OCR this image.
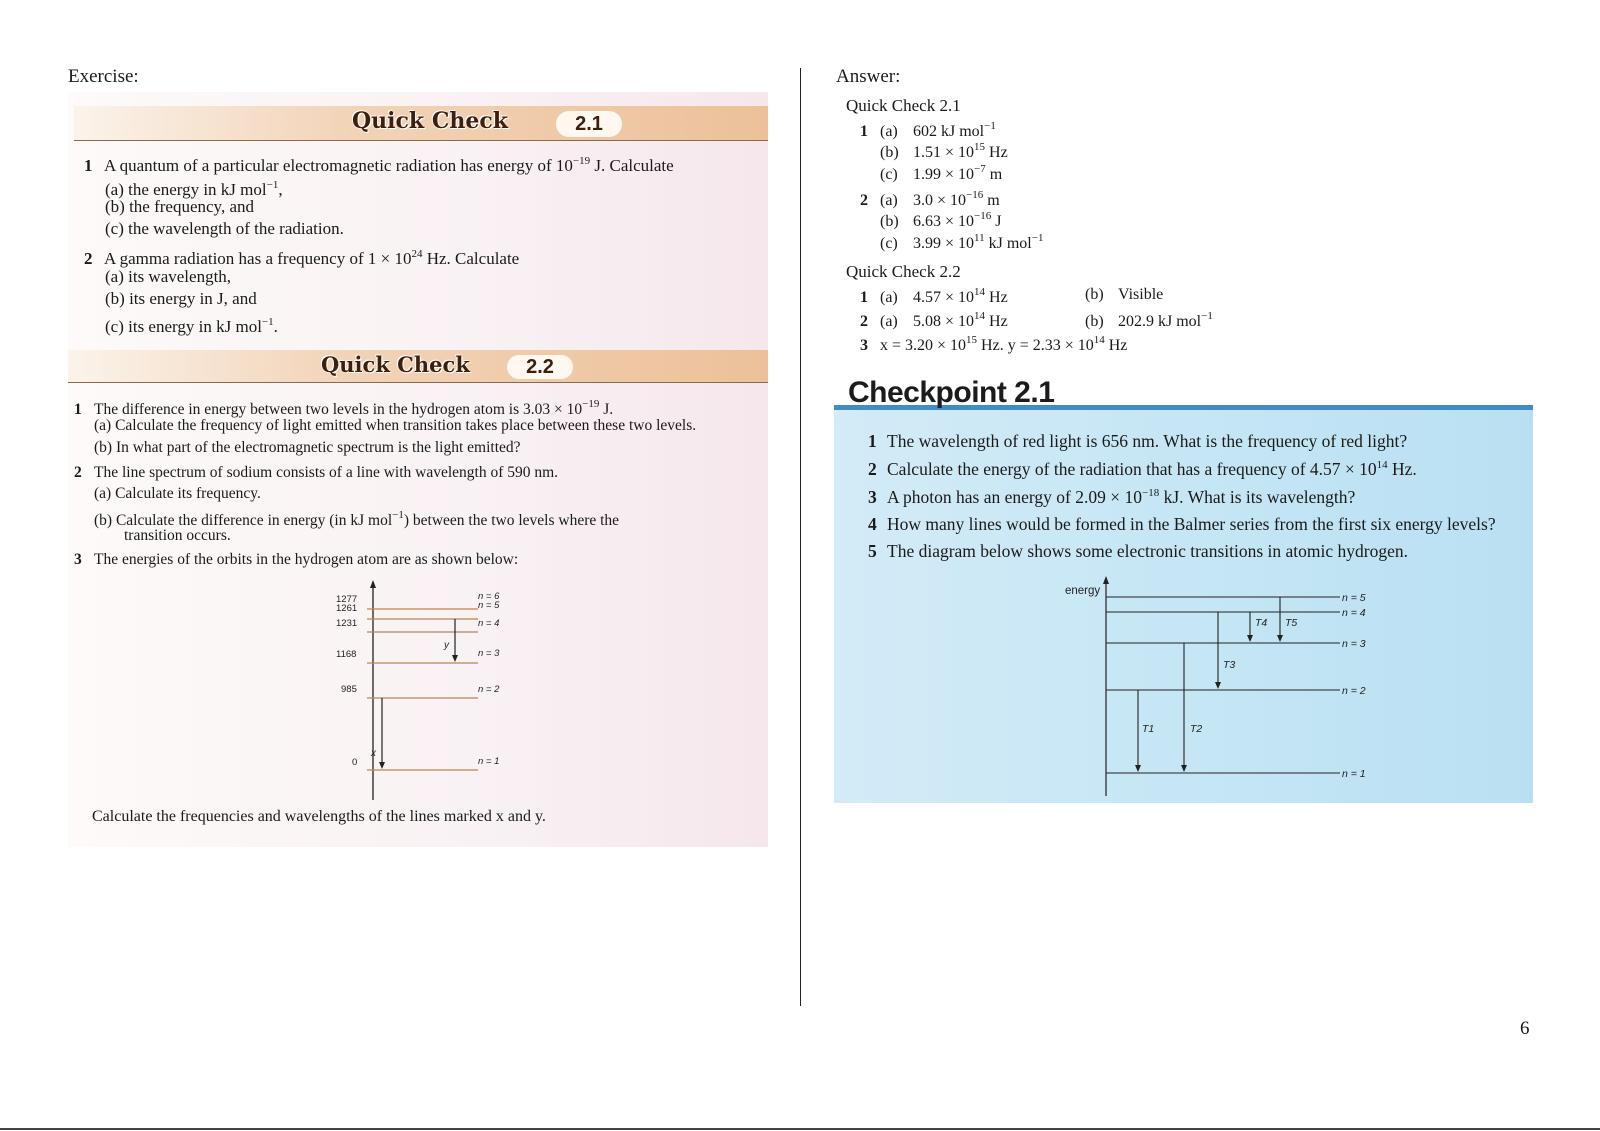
Exercise:	Answer:
Quick Check	2.1
1 A quantum of a particular electromagnetic radiation has energy of $10^{-19}$ J. Calculate
(a) the energy in kJ mol$^{-1}$,
(b) the frequency, and
(c) the wavelength of the radiation.
2 A gamma radiation has a frequency of $1 \times 10^{24}$ Hz. Calculate
(a) its wavelength,
(b) its energy in J, and
(c) its energy in kJ mol$^{-1}$.
Quick Check	2.2
1 The difference in energy between two levels in the hydrogen atom is $3.03 \times 10^{-19}$ J.
(a) Calculate the frequency of light emitted when transition takes place between these two levels.
(b) In what part of the electromagnetic spectrum is the light emitted?
2 The line spectrum of sodium consists of a line with wavelength of 590 nm.
(a) Calculate its frequency.
(b) Calculate the difference in energy (in kJ mol$^{-1}$) between the two levels where the
transition occurs.
3 The energies of the orbits in the hydrogen atom are as shown below:
1277
1261
1231
1168
985
0
n = 6
n = 5
n = 4
n = 3
n = 2
n = 1
x
y
Calculate the frequencies and wavelengths of the lines marked x and y.
Quick Check 2.1
1 (a) 602 kJ mol$^{-1}$
(b) $1.51 \times 10^{15}$ Hz
(c) $1.99 \times 10^{-7}$ m
2 (a) $3.0 \times 10^{-16}$ m
(b) $6.63 \times 10^{-16}$ J
(c) $3.99 \times 10^{11}$ kJ mol$^{-1}$
Quick Check 2.2
1 (a) $4.57 \times 10^{14}$ Hz	(b) Visible
2 (a) $5.08 \times 10^{14}$ Hz	(b) 202.9 kJ mol$^{-1}$
3 $x = 3.20 \times 10^{15}$ Hz. $y = 2.33 \times 10^{14}$ Hz
Checkpoint 2.1
1 The wavelength of red light is 656 nm. What is the frequency of red light?
2 Calculate the energy of the radiation that has a frequency of $4.57 \times 10^{14}$ Hz.
3 A photon has an energy of $2.09 \times 10^{-18}$ kJ. What is its wavelength?
4 How many lines would be formed in the Balmer series from the first six energy levels?
5 The diagram below shows some electronic transitions in atomic hydrogen.
energy
n = 5
n = 4
n = 3
n = 2
n = 1
T1	T2
T3
T4 T5
6
